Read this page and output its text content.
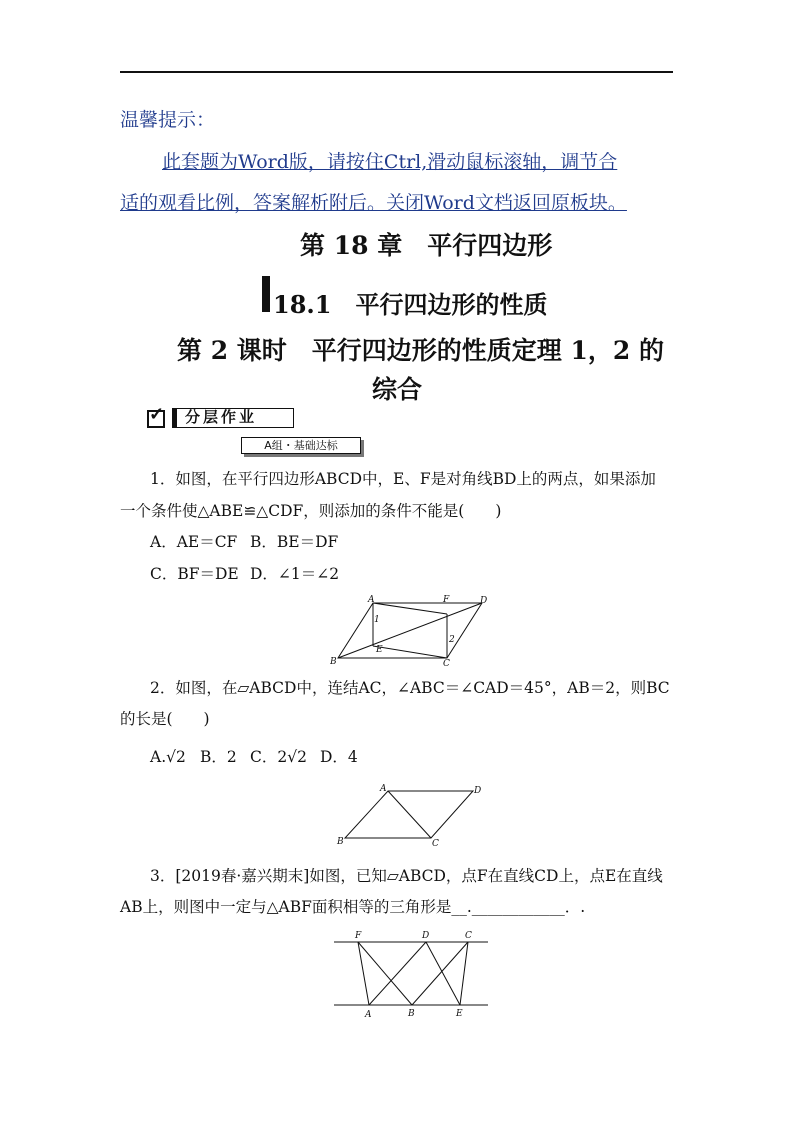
温馨提示：
此套题为Word版，请按住Ctrl,滑动鼠标滚轴，调节合
适的观看比例，答案解析附后。关闭Word文档返回原板块。
第 18 章　平行四边形
18.1　平行四边形的性质
第 2 课时　平行四边形的性质定理 1，2 的
综合
✓	分层作业
A组・基础达标
1．如图，在平行四边形ABCD中，E、F是对角线BD上的两点，如果添加
一个条件使△ABE≌△CDF，则添加的条件不能是(　　)
A．AE＝CF B．BE＝DF
C．BF＝DE D．∠1＝∠2
A	D
B	C
E
F
1
2
2．如图，在▱ABCD中，连结AC，∠ABC＝∠CAD＝45°，AB＝2，则BC
的长是(　　)
A.√2 B．2 C．2√2 D．4
A	D
B	C
3．[2019春·嘉兴期末]如图，已知▱ABCD，点F在直线CD上，点E在直线
AB上，则图中一定与△ABF面积相等的三角形是__.____________．.
F	D	C
A	B	E
